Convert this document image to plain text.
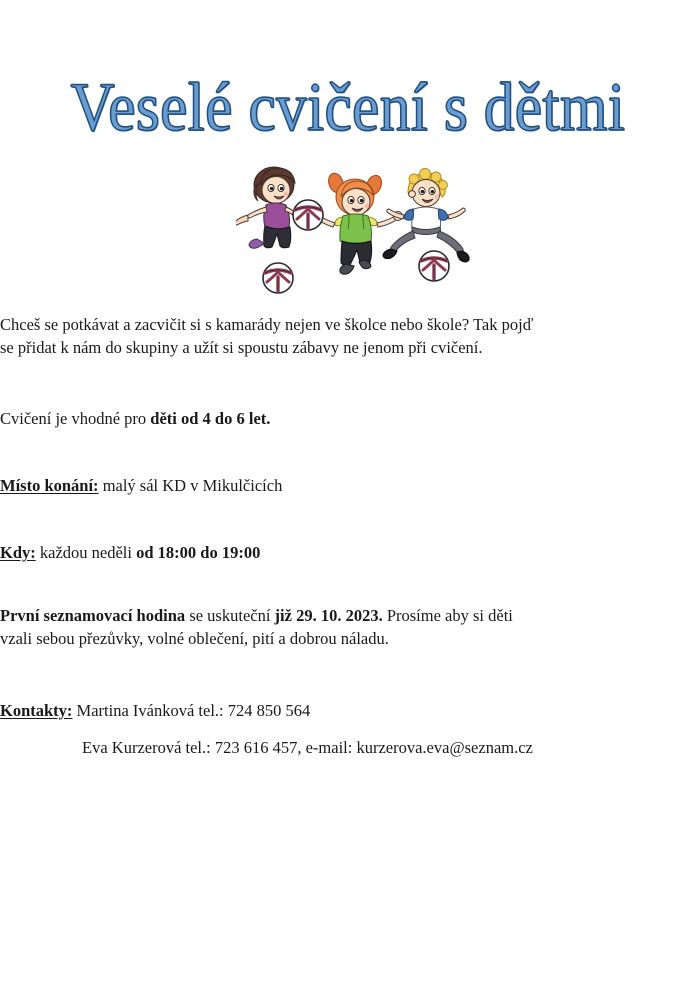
Veselé cvičení s dětmi

Chceš se potkávat a zacvičit si s kamarády nejen ve školce nebo škole? Tak pojď
se přidat k nám do skupiny a užít si spoustu zábavy ne jenom při cvičení.

Cvičení je vhodné pro děti od 4 do 6 let.

Místo konání: malý sál KD v Mikulčicích

Kdy: každou neděli od 18:00 do 19:00

První seznamovací hodina se uskuteční již 29. 10. 2023. Prosíme aby si děti
vzali sebou přezůvky, volné oblečení, pití a dobrou náladu.

Kontakty: Martina Ivánková tel.: 724 850 564
Eva Kurzerová tel.: 723 616 457, e-mail: kurzerova.eva@seznam.cz
